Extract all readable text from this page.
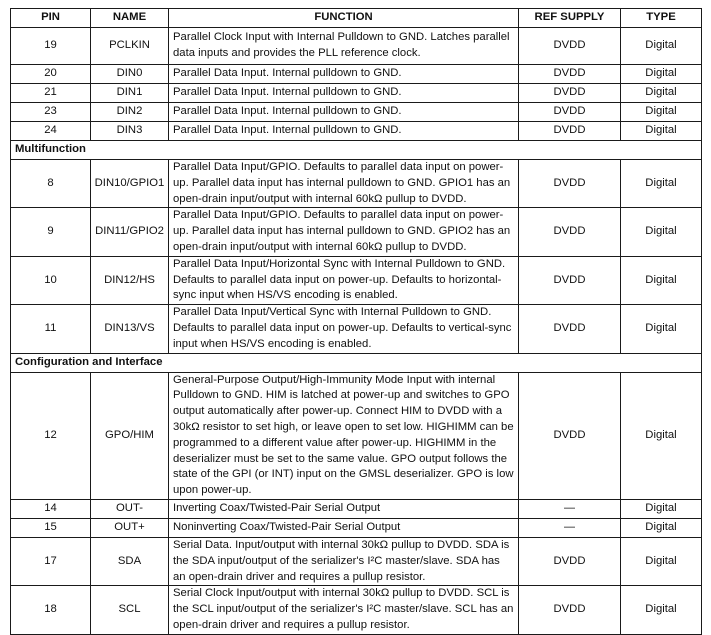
PIN	NAME	FUNCTION	REF SUPPLY	TYPE
19	PCLKIN	Parallel Clock Input with Internal Pulldown to GND. Latches parallel data inputs and provides the PLL reference clock.	DVDD	Digital
20	DIN0	Parallel Data Input. Internal pulldown to GND.	DVDD	Digital
21	DIN1	Parallel Data Input. Internal pulldown to GND.	DVDD	Digital
23	DIN2	Parallel Data Input. Internal pulldown to GND.	DVDD	Digital
24	DIN3	Parallel Data Input. Internal pulldown to GND.	DVDD	Digital
Multifunction				
8	DIN10/GPIO1	Parallel Data Input/GPIO. Defaults to parallel data input on power-up. Parallel data input has internal pulldown to GND. GPIO1 has an open-drain input/output with internal 60kΩ pullup to DVDD.	DVDD	Digital
9	DIN11/GPIO2	Parallel Data Input/GPIO. Defaults to parallel data input on power-up. Parallel data input has internal pulldown to GND. GPIO2 has an open-drain input/output with internal 60kΩ pullup to DVDD.	DVDD	Digital
10	DIN12/HS	Parallel Data Input/Horizontal Sync with Internal Pulldown to GND. Defaults to parallel data input on power-up. Defaults to horizontal-sync input when HS/VS encoding is enabled.	DVDD	Digital
11	DIN13/VS	Parallel Data Input/Vertical Sync with Internal Pulldown to GND. Defaults to parallel data input on power-up. Defaults to vertical-sync input when HS/VS encoding is enabled.	DVDD	Digital
Configuration and Interface				
12	GPO/HIM	General-Purpose Output/High-Immunity Mode Input with internal Pulldown to GND. HIM is latched at power-up and switches to GPO output automatically after power-up. Connect HIM to DVDD with a 30kΩ resistor to set high, or leave open to set low. HIGHIMM can be programmed to a different value after power-up. HIGHIMM in the deserializer must be set to the same value. GPO output follows the state of the GPI (or INT) input on the GMSL deserializer. GPO is low upon power-up.	DVDD	Digital
14	OUT-	Inverting Coax/Twisted-Pair Serial Output	—	Digital
15	OUT+	Noninverting Coax/Twisted-Pair Serial Output	—	Digital
17	SDA	Serial Data. Input/output with internal 30kΩ pullup to DVDD. SDA is the SDA input/output of the serializer's I²C master/slave. SDA has an open-drain driver and requires a pullup resistor.	DVDD	Digital
18	SCL	Serial Clock Input/output with internal 30kΩ pullup to DVDD. SCL is the SCL input/output of the serializer's I²C master/slave. SCL has an open-drain driver and requires a pullup resistor.	DVDD	Digital
